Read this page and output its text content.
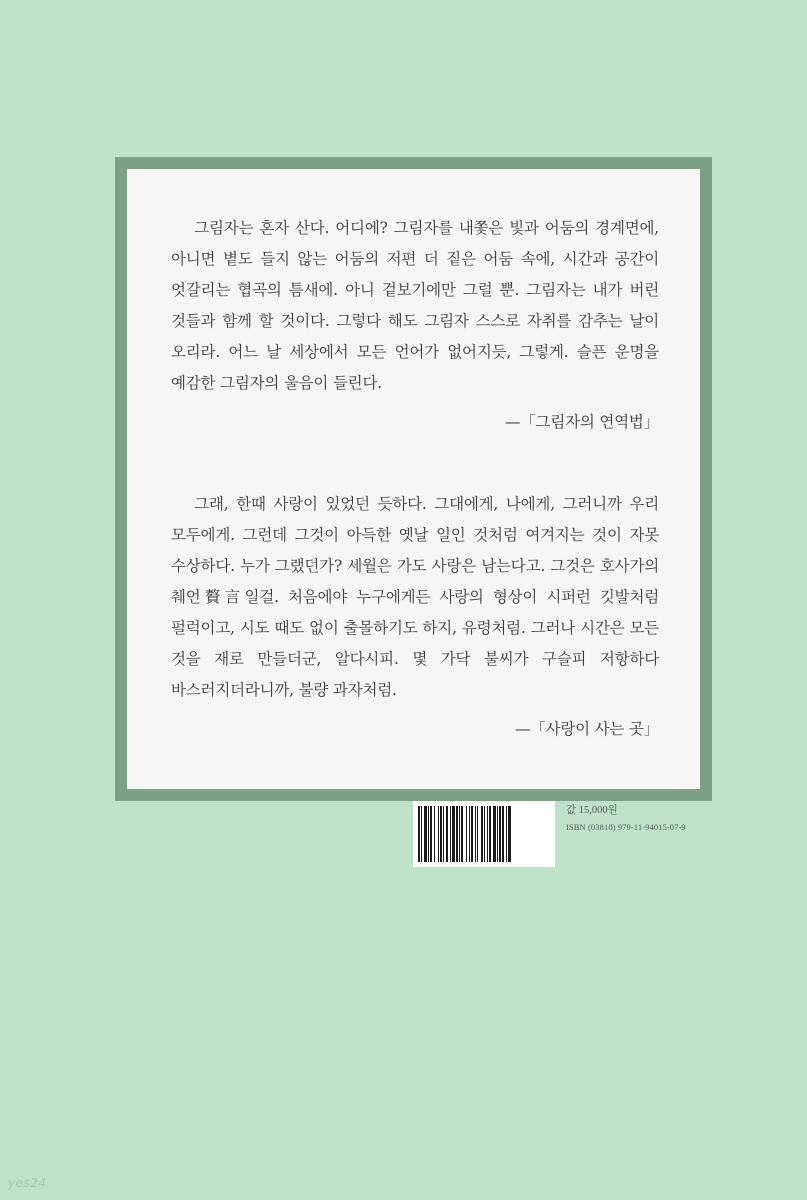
그림자는 혼자 산다. 어디에? 그림자를 내쫓은 빛과 어둠의 경계면에, 아니면 볕도 들지 않는 어둠의 저편 더 짙은 어둠 속에, 시간과 공간이 엇갈리는 협곡의 틈새에. 아니 겉보기에만 그럴 뿐. 그림자는 내가 버린 것들과 함께 할 것이다. 그렇다 해도 그림자 스스로 자취를 감추는 날이 오리라. 어느 날 세상에서 모든 언어가 없어지듯, 그렇게. 슬픈 운명을 예감한 그림자의 울음이 들린다.

—「그림자의 연역법」

그래, 한때 사랑이 있었던 듯하다. 그대에게, 나에게, 그러니까 우리 모두에게. 그런데 그것이 아득한 옛날 일인 것처럼 여겨지는 것이 자못 수상하다. 누가 그랬던가? 세월은 가도 사랑은 남는다고. 그것은 호사가의 췌언贅言일걸. 처음에야 누구에게든 사랑의 형상이 시퍼런 깃발처럼 펄럭이고, 시도 때도 없이 출몰하기도 하지, 유령처럼. 그러나 시간은 모든 것을 재로 만들더군, 알다시피. 몇 가닥 불씨가 구슬피 저항하다 바스러지더라니까, 불량 과자처럼.

—「사랑이 사는 곳」

값 15,000원
ISBN (03810) 979-11-94015-07-9
yes24
